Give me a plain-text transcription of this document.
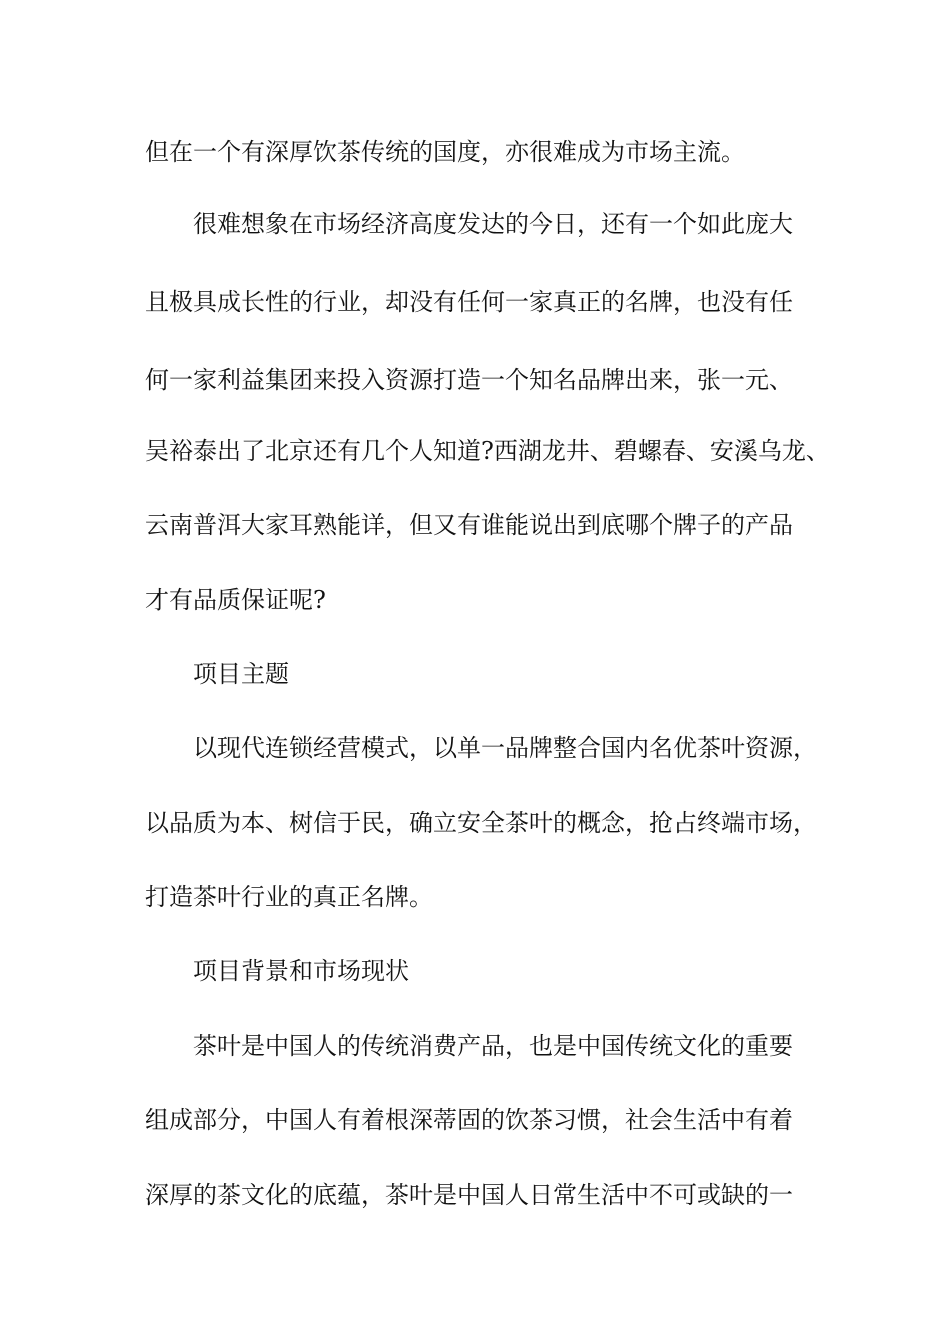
但在一个有深厚饮茶传统的国度，亦很难成为市场主流。
很难想象在市场经济高度发达的今日，还有一个如此庞大
且极具成长性的行业，却没有任何一家真正的名牌，也没有任
何一家利益集团来投入资源打造一个知名品牌出来，张一元、
吴裕泰出了北京还有几个人知道?西湖龙井、碧螺春、安溪乌龙、
云南普洱大家耳熟能详，但又有谁能说出到底哪个牌子的产品
才有品质保证呢?
项目主题
以现代连锁经营模式，以单一品牌整合国内名优茶叶资源，
以品质为本、树信于民，确立安全茶叶的概念，抢占终端市场，
打造茶叶行业的真正名牌。
项目背景和市场现状
茶叶是中国人的传统消费产品，也是中国传统文化的重要
组成部分，中国人有着根深蒂固的饮茶习惯，社会生活中有着
深厚的茶文化的底蕴，茶叶是中国人日常生活中不可或缺的一
